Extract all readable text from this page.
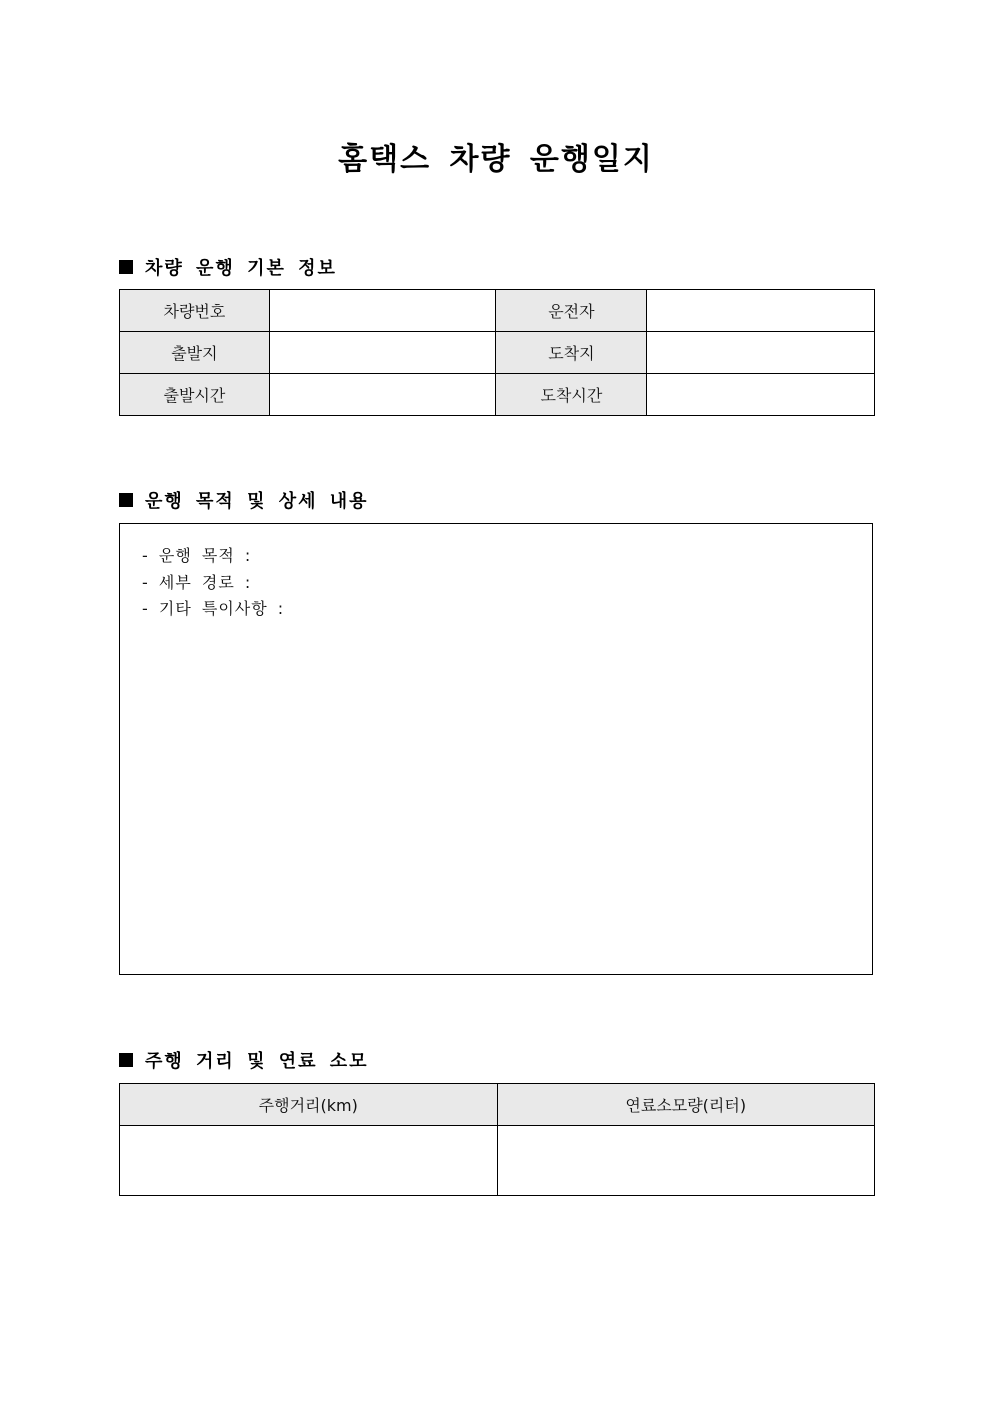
홈택스 차량 운행일지
차량 운행 기본 정보
차량번호		운전자	
출발지		도착지	
출발시간		도착시간	
운행 목적 및 상세 내용
- 운행 목적 :
- 세부 경로 :
- 기타 특이사항 :
주행 거리 및 연료 소모
주행거리(km)	연료소모량(리터)
